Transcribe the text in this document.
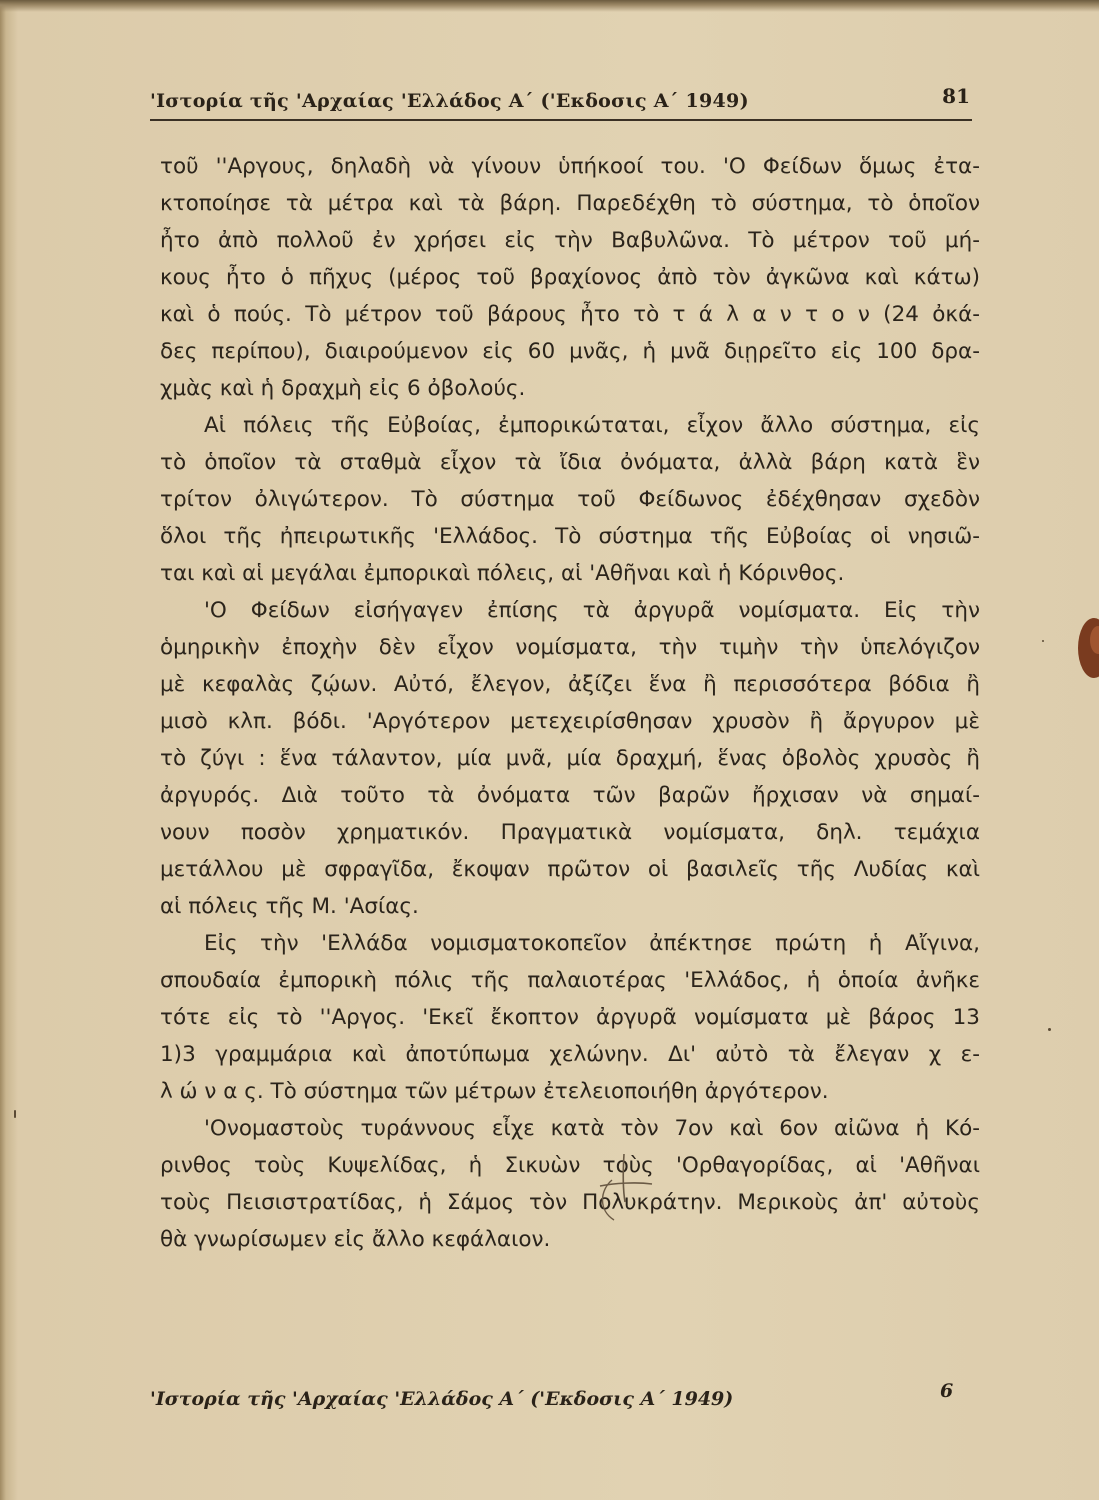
'Ιστορία τῆς 'Αρχαίας 'Ελλάδος Α΄ ('Εκδοσις Α΄ 1949)	81
τοῦ ''Αργους, δηλαδὴ νὰ γίνουν ὑπήκοοί του. 'Ο Φείδων ὅμως ἐτα-
κτοποίησε τὰ μέτρα καὶ τὰ βάρη. Παρεδέχθη τὸ σύστημα, τὸ ὁποῖον
ἦτο ἀπὸ πολλοῦ ἐν χρήσει εἰς τὴν Βαβυλῶνα. Τὸ μέτρον τοῦ μή-
κους ἦτο ὁ πῆχυς (μέρος τοῦ βραχίονος ἀπὸ τὸν ἀγκῶνα καὶ κάτω)
καὶ ὁ πούς. Τὸ μέτρον τοῦ βάρους ἦτο τὸ τ ά λ α ν τ ο ν (24 ὀκά-
δες περίπου), διαιρούμενον εἰς 60 μνᾶς, ἡ μνᾶ διῃρεῖτο εἰς 100 δρα-
χμὰς καὶ ἡ δραχμὴ εἰς 6 ὀβολούς.
Αἱ πόλεις τῆς Εὐβοίας, ἐμπορικώταται, εἶχον ἄλλο σύστημα, εἰς
τὸ ὁποῖον τὰ σταθμὰ εἶχον τὰ ἴδια ὀνόματα, ἀλλὰ βάρη κατὰ ἓν
τρίτον ὀλιγώτερον. Τὸ σύστημα τοῦ Φείδωνος ἐδέχθησαν σχεδὸν
ὅλοι τῆς ἠπειρωτικῆς 'Ελλάδος. Τὸ σύστημα τῆς Εὐβοίας οἱ νησιῶ-
ται καὶ αἱ μεγάλαι ἐμπορικαὶ πόλεις, αἱ 'Αθῆναι καὶ ἡ Κόρινθος.
'Ο Φείδων εἰσήγαγεν ἐπίσης τὰ ἀργυρᾶ νομίσματα. Εἰς τὴν
ὁμηρικὴν ἐποχὴν δὲν εἶχον νομίσματα, τὴν τιμὴν τὴν ὑπελόγιζον
μὲ κεφαλὰς ζῴων. Αὐτό, ἔλεγον, ἀξίζει ἕνα ἢ περισσότερα βόδια ἢ
μισὸ κλπ. βόδι. 'Αργότερον μετεχειρίσθησαν χρυσὸν ἢ ἄργυρον μὲ
τὸ ζύγι : ἕνα τάλαντον, μία μνᾶ, μία δραχμή, ἕνας ὀβολὸς χρυσὸς ἢ
ἀργυρός. Διὰ τοῦτο τὰ ὀνόματα τῶν βαρῶν ἤρχισαν νὰ σημαί-
νουν ποσὸν χρηματικόν. Πραγματικὰ νομίσματα, δηλ. τεμάχια
μετάλλου μὲ σφραγῖδα, ἔκοψαν πρῶτον οἱ βασιλεῖς τῆς Λυδίας καὶ
αἱ πόλεις τῆς Μ. 'Ασίας.
Εἰς τὴν 'Ελλάδα νομισματοκοπεῖον ἀπέκτησε πρώτη ἡ Αἴγινα,
σπουδαία ἐμπορικὴ πόλις τῆς παλαιοτέρας 'Ελλάδος, ἡ ὁποία ἀνῆκε
τότε εἰς τὸ ''Αργος. 'Εκεῖ ἔκοπτον ἀργυρᾶ νομίσματα μὲ βάρος 13
1)3 γραμμάρια καὶ ἀποτύπωμα χελώνην. Δι' αὐτὸ τὰ ἔλεγαν χ ε-
λ ώ ν α ς. Τὸ σύστημα τῶν μέτρων ἐτελειοποιήθη ἀργότερον.
'Ονομαστοὺς τυράννους εἶχε κατὰ τὸν 7ον καὶ 6ον αἰῶνα ἡ Κό-
ρινθος τοὺς Κυψελίδας, ἡ Σικυὼν τοὺς 'Ορθαγορίδας, αἱ 'Αθῆναι
τοὺς Πεισιστρατίδας, ἡ Σάμος τὸν Πολυκράτην. Μερικοὺς ἀπ' αὐτοὺς
θὰ γνωρίσωμεν εἰς ἄλλο κεφάλαιον.
'Ιστορία τῆς 'Αρχαίας 'Ελλάδος Α΄ ('Εκδοσις Α΄ 1949)	6
